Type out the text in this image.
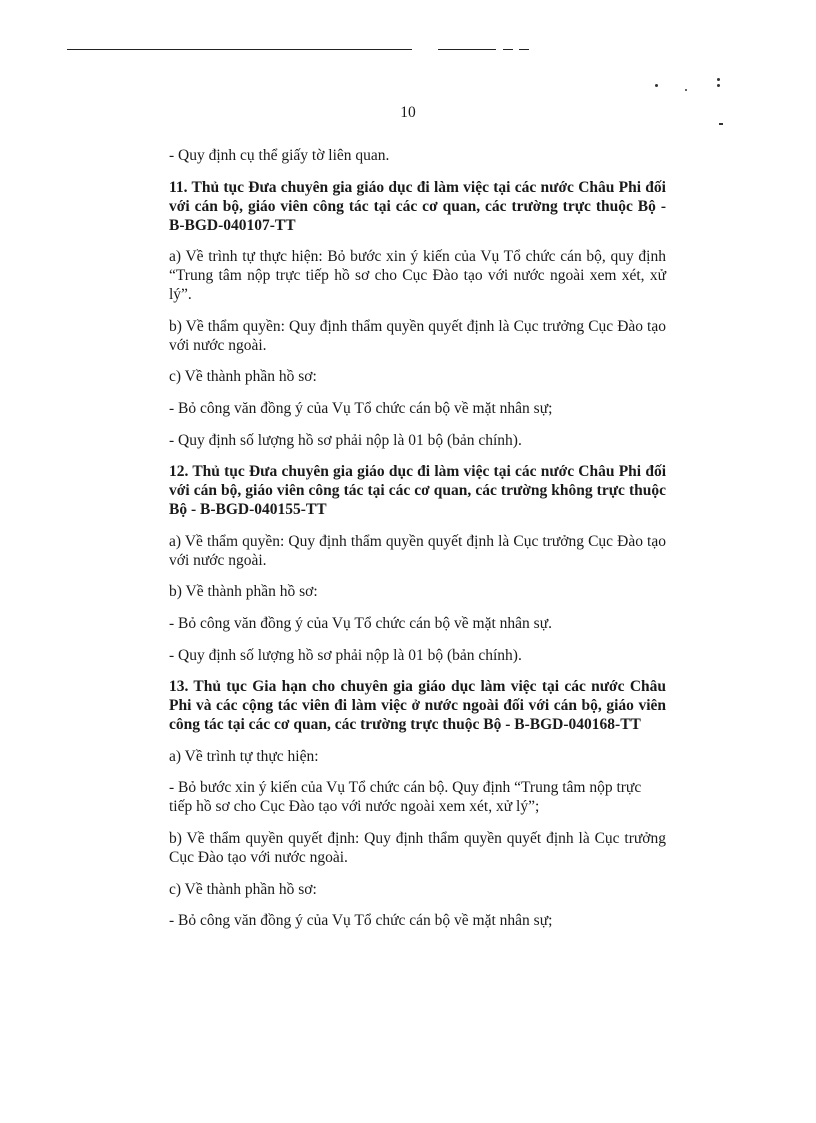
10

- Quy định cụ thể giấy tờ liên quan.

11. Thủ tục Đưa chuyên gia giáo dục đi làm việc tại các nước Châu Phi đối với cán bộ, giáo viên công tác tại các cơ quan, các trường trực thuộc Bộ - B-BGD-040107-TT

a) Về trình tự thực hiện: Bỏ bước xin ý kiến của Vụ Tổ chức cán bộ, quy định “Trung tâm nộp trực tiếp hồ sơ cho Cục Đào tạo với nước ngoài xem xét, xử lý”.

b) Về thẩm quyền: Quy định thẩm quyền quyết định là Cục trưởng Cục Đào tạo với nước ngoài.

c) Về thành phần hồ sơ:

- Bỏ công văn đồng ý của Vụ Tổ chức cán bộ về mặt nhân sự;

- Quy định số lượng hồ sơ phải nộp là 01 bộ (bản chính).

12. Thủ tục Đưa chuyên gia giáo dục đi làm việc tại các nước Châu Phi đối với cán bộ, giáo viên công tác tại các cơ quan, các trường không trực thuộc Bộ - B-BGD-040155-TT

a) Về thẩm quyền: Quy định thẩm quyền quyết định là Cục trưởng Cục Đào tạo với nước ngoài.

b) Về thành phần hồ sơ:

- Bỏ công văn đồng ý của Vụ Tổ chức cán bộ về mặt nhân sự.

- Quy định số lượng hồ sơ phải nộp là 01 bộ (bản chính).

13. Thủ tục Gia hạn cho chuyên gia giáo dục làm việc tại các nước Châu Phi và các cộng tác viên đi làm việc ở nước ngoài đối với cán bộ, giáo viên công tác tại các cơ quan, các trường trực thuộc Bộ - B-BGD-040168-TT

a) Về trình tự thực hiện:

- Bỏ bước xin ý kiến của Vụ Tổ chức cán bộ. Quy định “Trung tâm nộp trực tiếp hồ sơ cho Cục Đào tạo với nước ngoài xem xét, xử lý”;

b) Về thẩm quyền quyết định: Quy định thẩm quyền quyết định là Cục trưởng Cục Đào tạo với nước ngoài.

c) Về thành phần hồ sơ:

- Bỏ công văn đồng ý của Vụ Tổ chức cán bộ về mặt nhân sự;
